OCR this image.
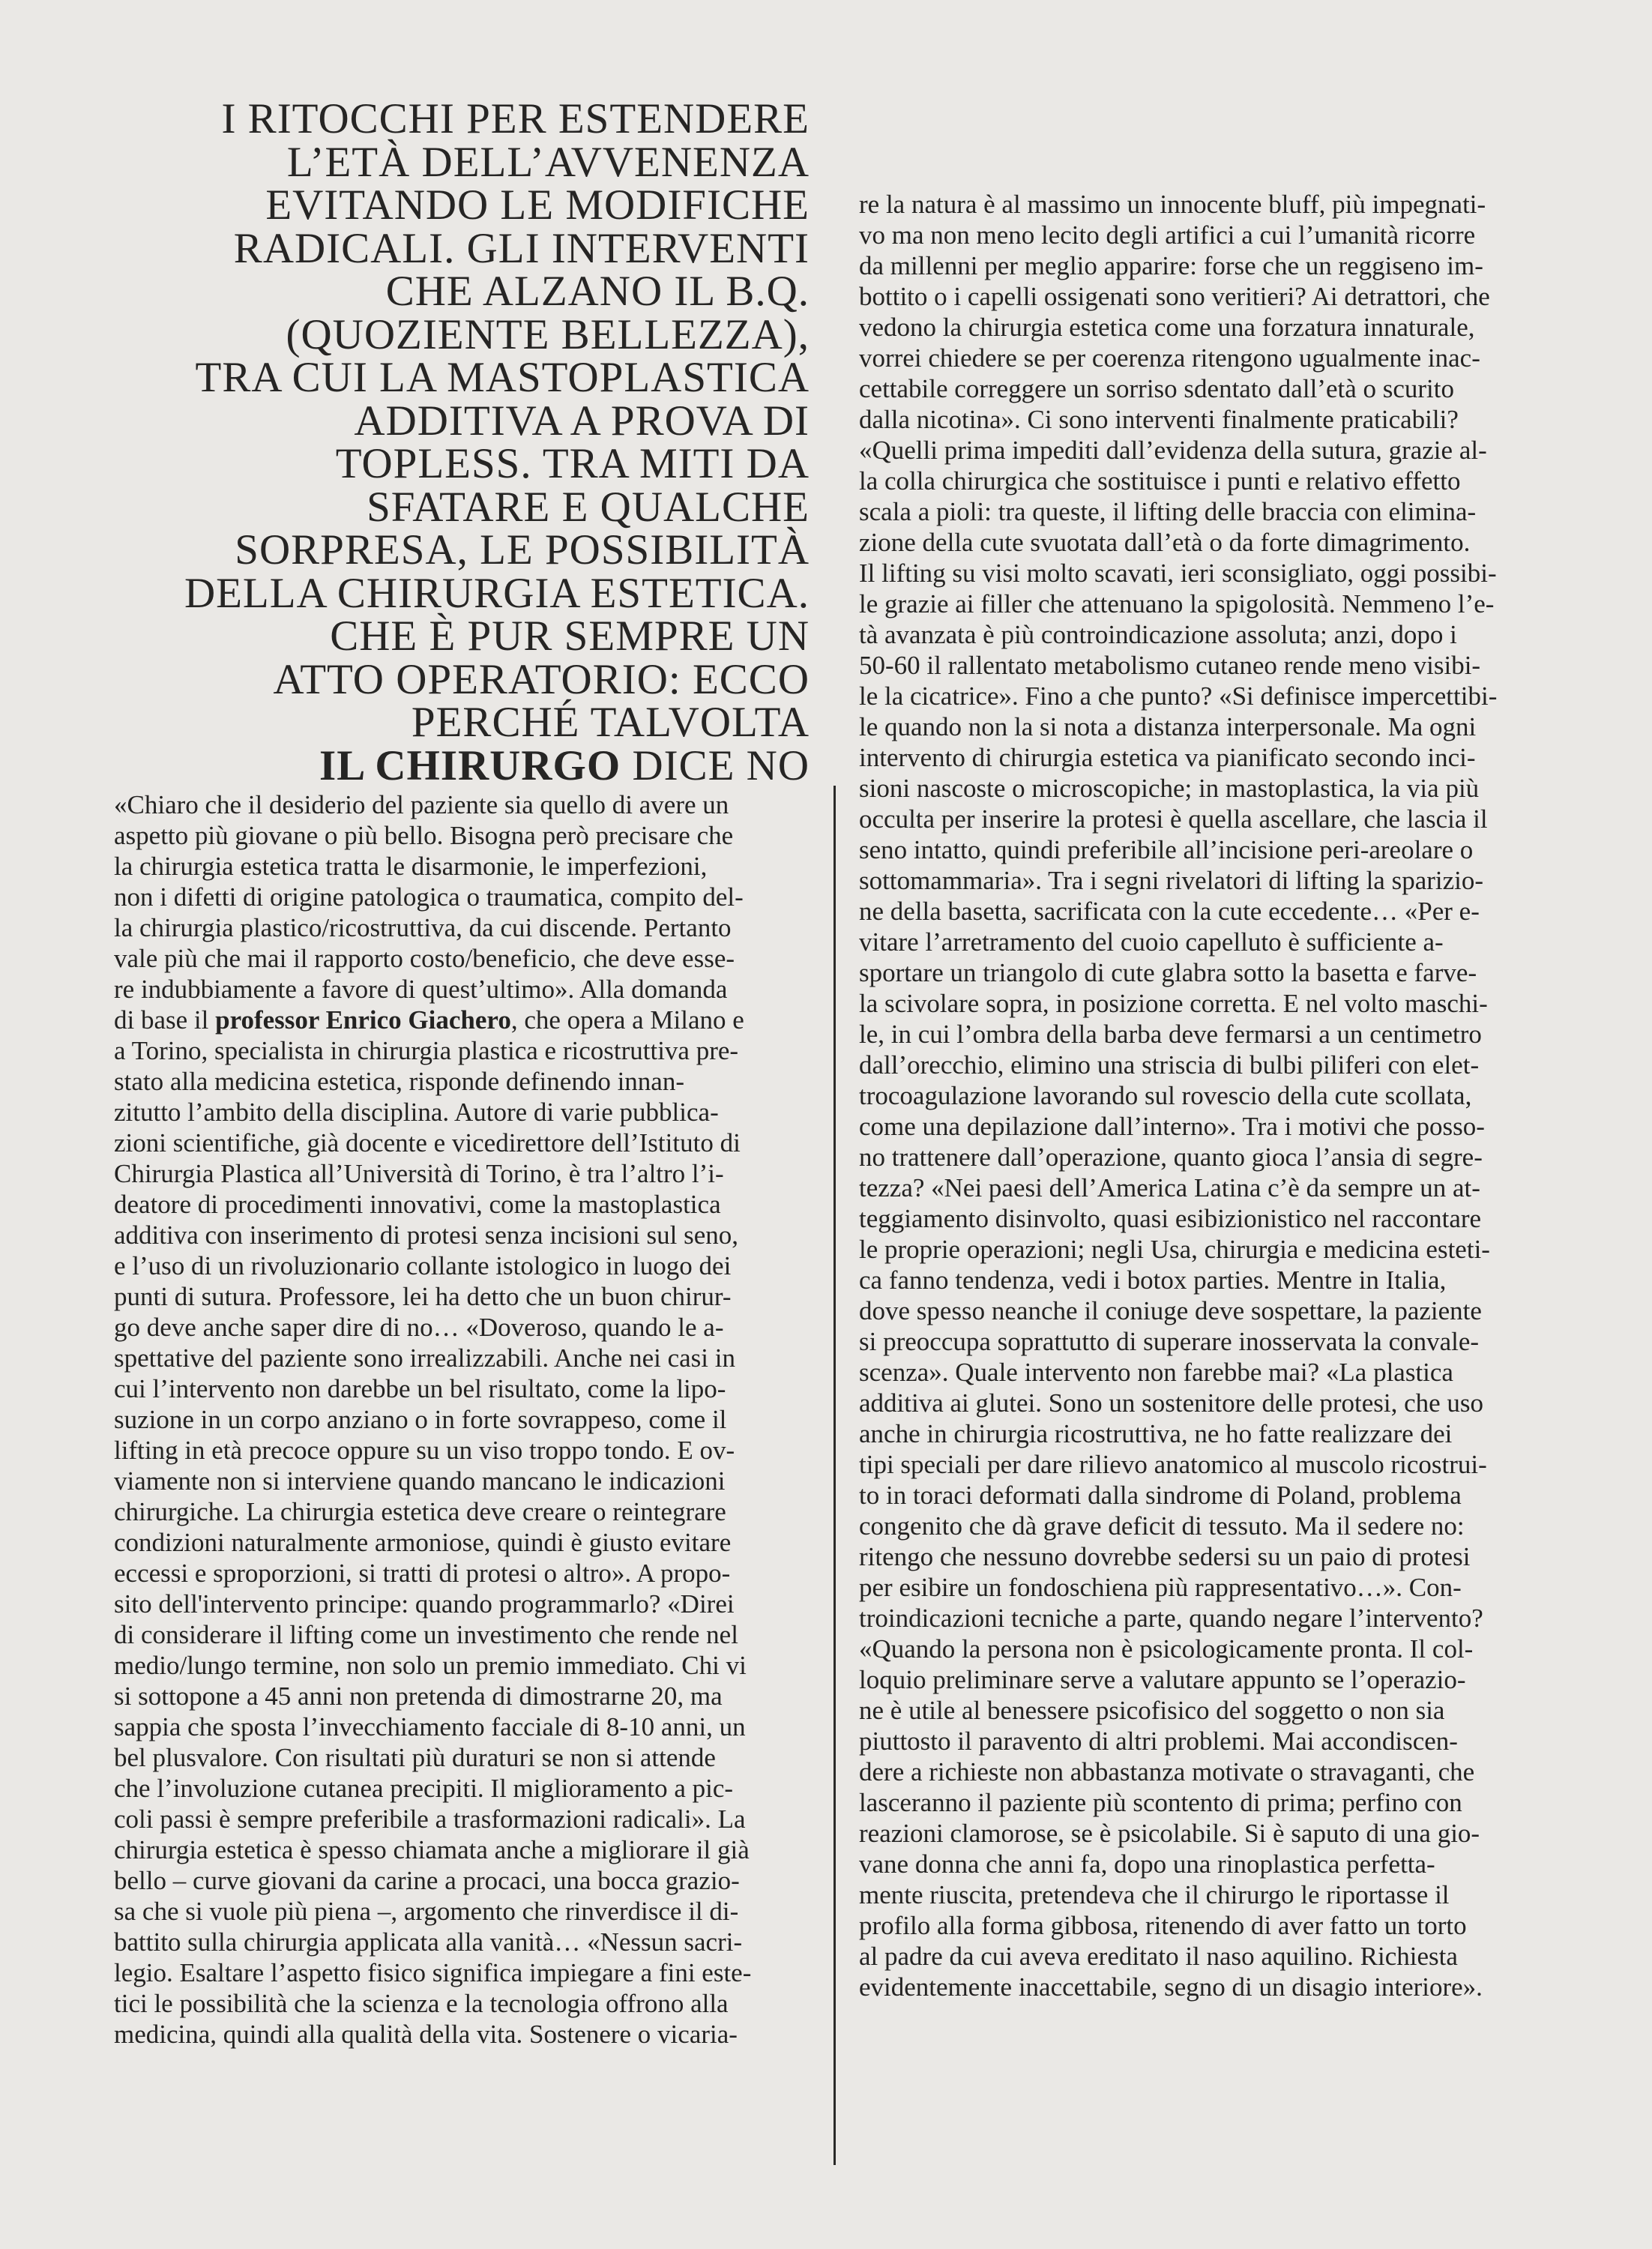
I RITOCCHI PER ESTENDERE
L’ETÀ DELL’AVVENENZA
EVITANDO LE MODIFICHE
RADICALI. GLI INTERVENTI
CHE ALZANO IL B.Q.
(QUOZIENTE BELLEZZA),
TRA CUI LA MASTOPLASTICA
ADDITIVA A PROVA DI
TOPLESS. TRA MITI DA
SFATARE E QUALCHE
SORPRESA, LE POSSIBILITÀ
DELLA CHIRURGIA ESTETICA.
CHE È PUR SEMPRE UN
ATTO OPERATORIO: ECCO
PERCHÉ TALVOLTA
IL CHIRURGO DICE NO

«Chiaro che il desiderio del paziente sia quello di avere un
aspetto più giovane o più bello. Bisogna però precisare che
la chirurgia estetica tratta le disarmonie, le imperfezioni,
non i difetti di origine patologica o traumatica, compito del-
la chirurgia plastico/ricostruttiva, da cui discende. Pertanto
vale più che mai il rapporto costo/beneficio, che deve esse-
re indubbiamente a favore di quest’ultimo». Alla domanda
di base il professor Enrico Giachero, che opera a Milano e
a Torino, specialista in chirurgia plastica e ricostruttiva pre-
stato alla medicina estetica, risponde definendo innan-
zitutto l’ambito della disciplina. Autore di varie pubblica-
zioni scientifiche, già docente e vicedirettore dell’Istituto di
Chirurgia Plastica all’Università di Torino, è tra l’altro l’i-
deatore di procedimenti innovativi, come la mastoplastica
additiva con inserimento di protesi senza incisioni sul seno,
e l’uso di un rivoluzionario collante istologico in luogo dei
punti di sutura. Professore, lei ha detto che un buon chirur-
go deve anche saper dire di no… «Doveroso, quando le a-
spettative del paziente sono irrealizzabili. Anche nei casi in
cui l’intervento non darebbe un bel risultato, come la lipo-
suzione in un corpo anziano o in forte sovrappeso, come il
lifting in età precoce oppure su un viso troppo tondo. E ov-
viamente non si interviene quando mancano le indicazioni
chirurgiche. La chirurgia estetica deve creare o reintegrare
condizioni naturalmente armoniose, quindi è giusto evitare
eccessi e sproporzioni, si tratti di protesi o altro». A propo-
sito dell'intervento principe: quando programmarlo? «Direi
di considerare il lifting come un investimento che rende nel
medio/lungo termine, non solo un premio immediato. Chi vi
si sottopone a 45 anni non pretenda di dimostrarne 20, ma
sappia che sposta l’invecchiamento facciale di 8-10 anni, un
bel plusvalore. Con risultati più duraturi se non si attende
che l’involuzione cutanea precipiti. Il miglioramento a pic-
coli passi è sempre preferibile a trasformazioni radicali». La
chirurgia estetica è spesso chiamata anche a migliorare il già
bello – curve giovani da carine a procaci, una bocca grazio-
sa che si vuole più piena –, argomento che rinverdisce il di-
battito sulla chirurgia applicata alla vanità… «Nessun sacri-
legio. Esaltare l’aspetto fisico significa impiegare a fini este-
tici le possibilità che la scienza e la tecnologia offrono alla
medicina, quindi alla qualità della vita. Sostenere o vicaria-

re la natura è al massimo un innocente bluff, più impegnati-
vo ma non meno lecito degli artifici a cui l’umanità ricorre
da millenni per meglio apparire: forse che un reggiseno im-
bottito o i capelli ossigenati sono veritieri? Ai detrattori, che
vedono la chirurgia estetica come una forzatura innaturale,
vorrei chiedere se per coerenza ritengono ugualmente inac-
cettabile correggere un sorriso sdentato dall’età o scurito
dalla nicotina». Ci sono interventi finalmente praticabili?
«Quelli prima impediti dall’evidenza della sutura, grazie al-
la colla chirurgica che sostituisce i punti e relativo effetto
scala a pioli: tra queste, il lifting delle braccia con elimina-
zione della cute svuotata dall’età o da forte dimagrimento.
Il lifting su visi molto scavati, ieri sconsigliato, oggi possibi-
le grazie ai filler che attenuano la spigolosità. Nemmeno l’e-
tà avanzata è più controindicazione assoluta; anzi, dopo i
50-60 il rallentato metabolismo cutaneo rende meno visibi-
le la cicatrice». Fino a che punto? «Si definisce impercettibi-
le quando non la si nota a distanza interpersonale. Ma ogni
intervento di chirurgia estetica va pianificato secondo inci-
sioni nascoste o microscopiche; in mastoplastica, la via più
occulta per inserire la protesi è quella ascellare, che lascia il
seno intatto, quindi preferibile all’incisione peri-areolare o
sottomammaria». Tra i segni rivelatori di lifting la sparizio-
ne della basetta, sacrificata con la cute eccedente… «Per e-
vitare l’arretramento del cuoio capelluto è sufficiente a-
sportare un triangolo di cute glabra sotto la basetta e farve-
la scivolare sopra, in posizione corretta. E nel volto maschi-
le, in cui l’ombra della barba deve fermarsi a un centimetro
dall’orecchio, elimino una striscia di bulbi piliferi con elet-
trocoagulazione lavorando sul rovescio della cute scollata,
come una depilazione dall’interno». Tra i motivi che posso-
no trattenere dall’operazione, quanto gioca l’ansia di segre-
tezza? «Nei paesi dell’America Latina c’è da sempre un at-
teggiamento disinvolto, quasi esibizionistico nel raccontare
le proprie operazioni; negli Usa, chirurgia e medicina esteti-
ca fanno tendenza, vedi i botox parties. Mentre in Italia,
dove spesso neanche il coniuge deve sospettare, la paziente
si preoccupa soprattutto di superare inosservata la convale-
scenza». Quale intervento non farebbe mai? «La plastica
additiva ai glutei. Sono un sostenitore delle protesi, che uso
anche in chirurgia ricostruttiva, ne ho fatte realizzare dei
tipi speciali per dare rilievo anatomico al muscolo ricostrui-
to in toraci deformati dalla sindrome di Poland, problema
congenito che dà grave deficit di tessuto. Ma il sedere no:
ritengo che nessuno dovrebbe sedersi su un paio di protesi
per esibire un fondoschiena più rappresentativo…». Con-
troindicazioni tecniche a parte, quando negare l’intervento?
«Quando la persona non è psicologicamente pronta. Il col-
loquio preliminare serve a valutare appunto se l’operazio-
ne è utile al benessere psicofisico del soggetto o non sia
piuttosto il paravento di altri problemi. Mai accondiscen-
dere a richieste non abbastanza motivate o stravaganti, che
lasceranno il paziente più scontento di prima; perfino con
reazioni clamorose, se è psicolabile. Si è saputo di una gio-
vane donna che anni fa, dopo una rinoplastica perfetta-
mente riuscita, pretendeva che il chirurgo le riportasse il
profilo alla forma gibbosa, ritenendo di aver fatto un torto
al padre da cui aveva ereditato il naso aquilino. Richiesta
evidentemente inaccettabile, segno di un disagio interiore».
